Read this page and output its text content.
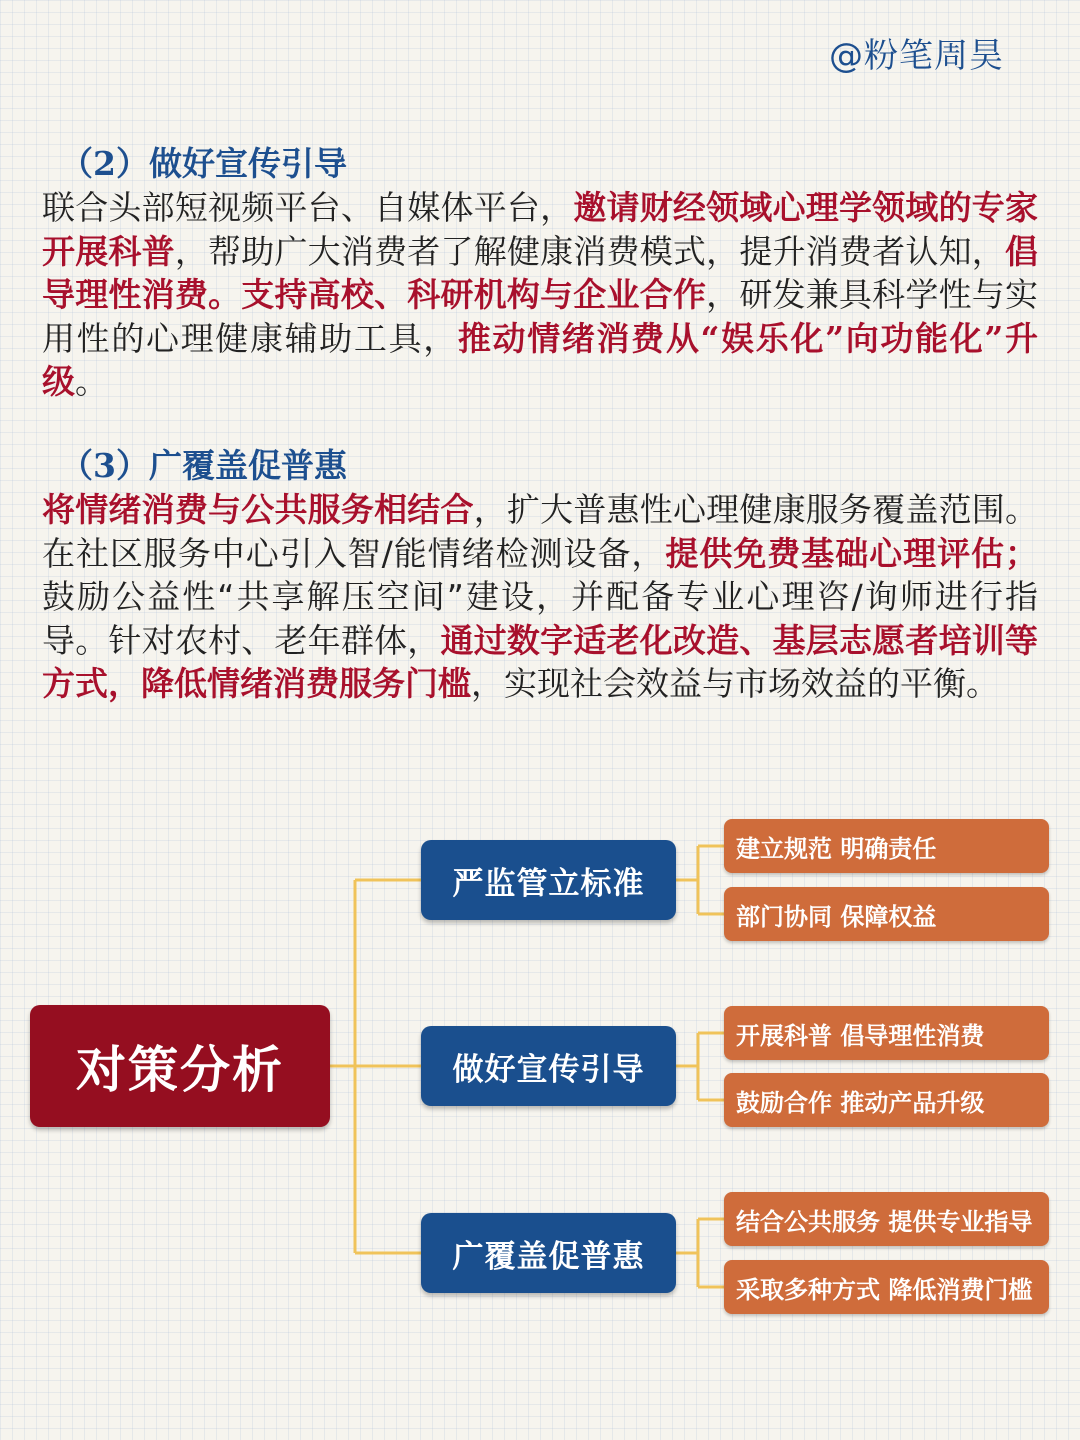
@粉笔周昊
（2）做好宣传引导

联合头部短视频平台、自媒体平台，邀请财经领域心理学领域的专家开展科普，帮助广大消费者了解健康消费模式，提升消费者认知，倡导理性消费。支持高校、科研机构与企业合作，研发兼具科学性与实用性的心理健康辅助工具，推动情绪消费从“娱乐化”向功能化”升级。

（3）广覆盖促普惠

将情绪消费与公共服务相结合，扩大普惠性心理健康服务覆盖范围。在社区服务中心引入智/能情绪检测设备，提供免费基础心理评估；鼓励公益性“共享解压空间”建设，并配备专业心理咨/询师进行指导。针对农村、老年群体，通过数字适老化改造、基层志愿者培训等方式，降低情绪消费服务门槛，实现社会效益与市场效益的平衡。

对策分析
严监管立标准
做好宣传引导
广覆盖促普惠
建立规范 明确责任
部门协同 保障权益
开展科普 倡导理性消费
鼓励合作 推动产品升级
结合公共服务 提供专业指导
采取多种方式 降低消费门槛
